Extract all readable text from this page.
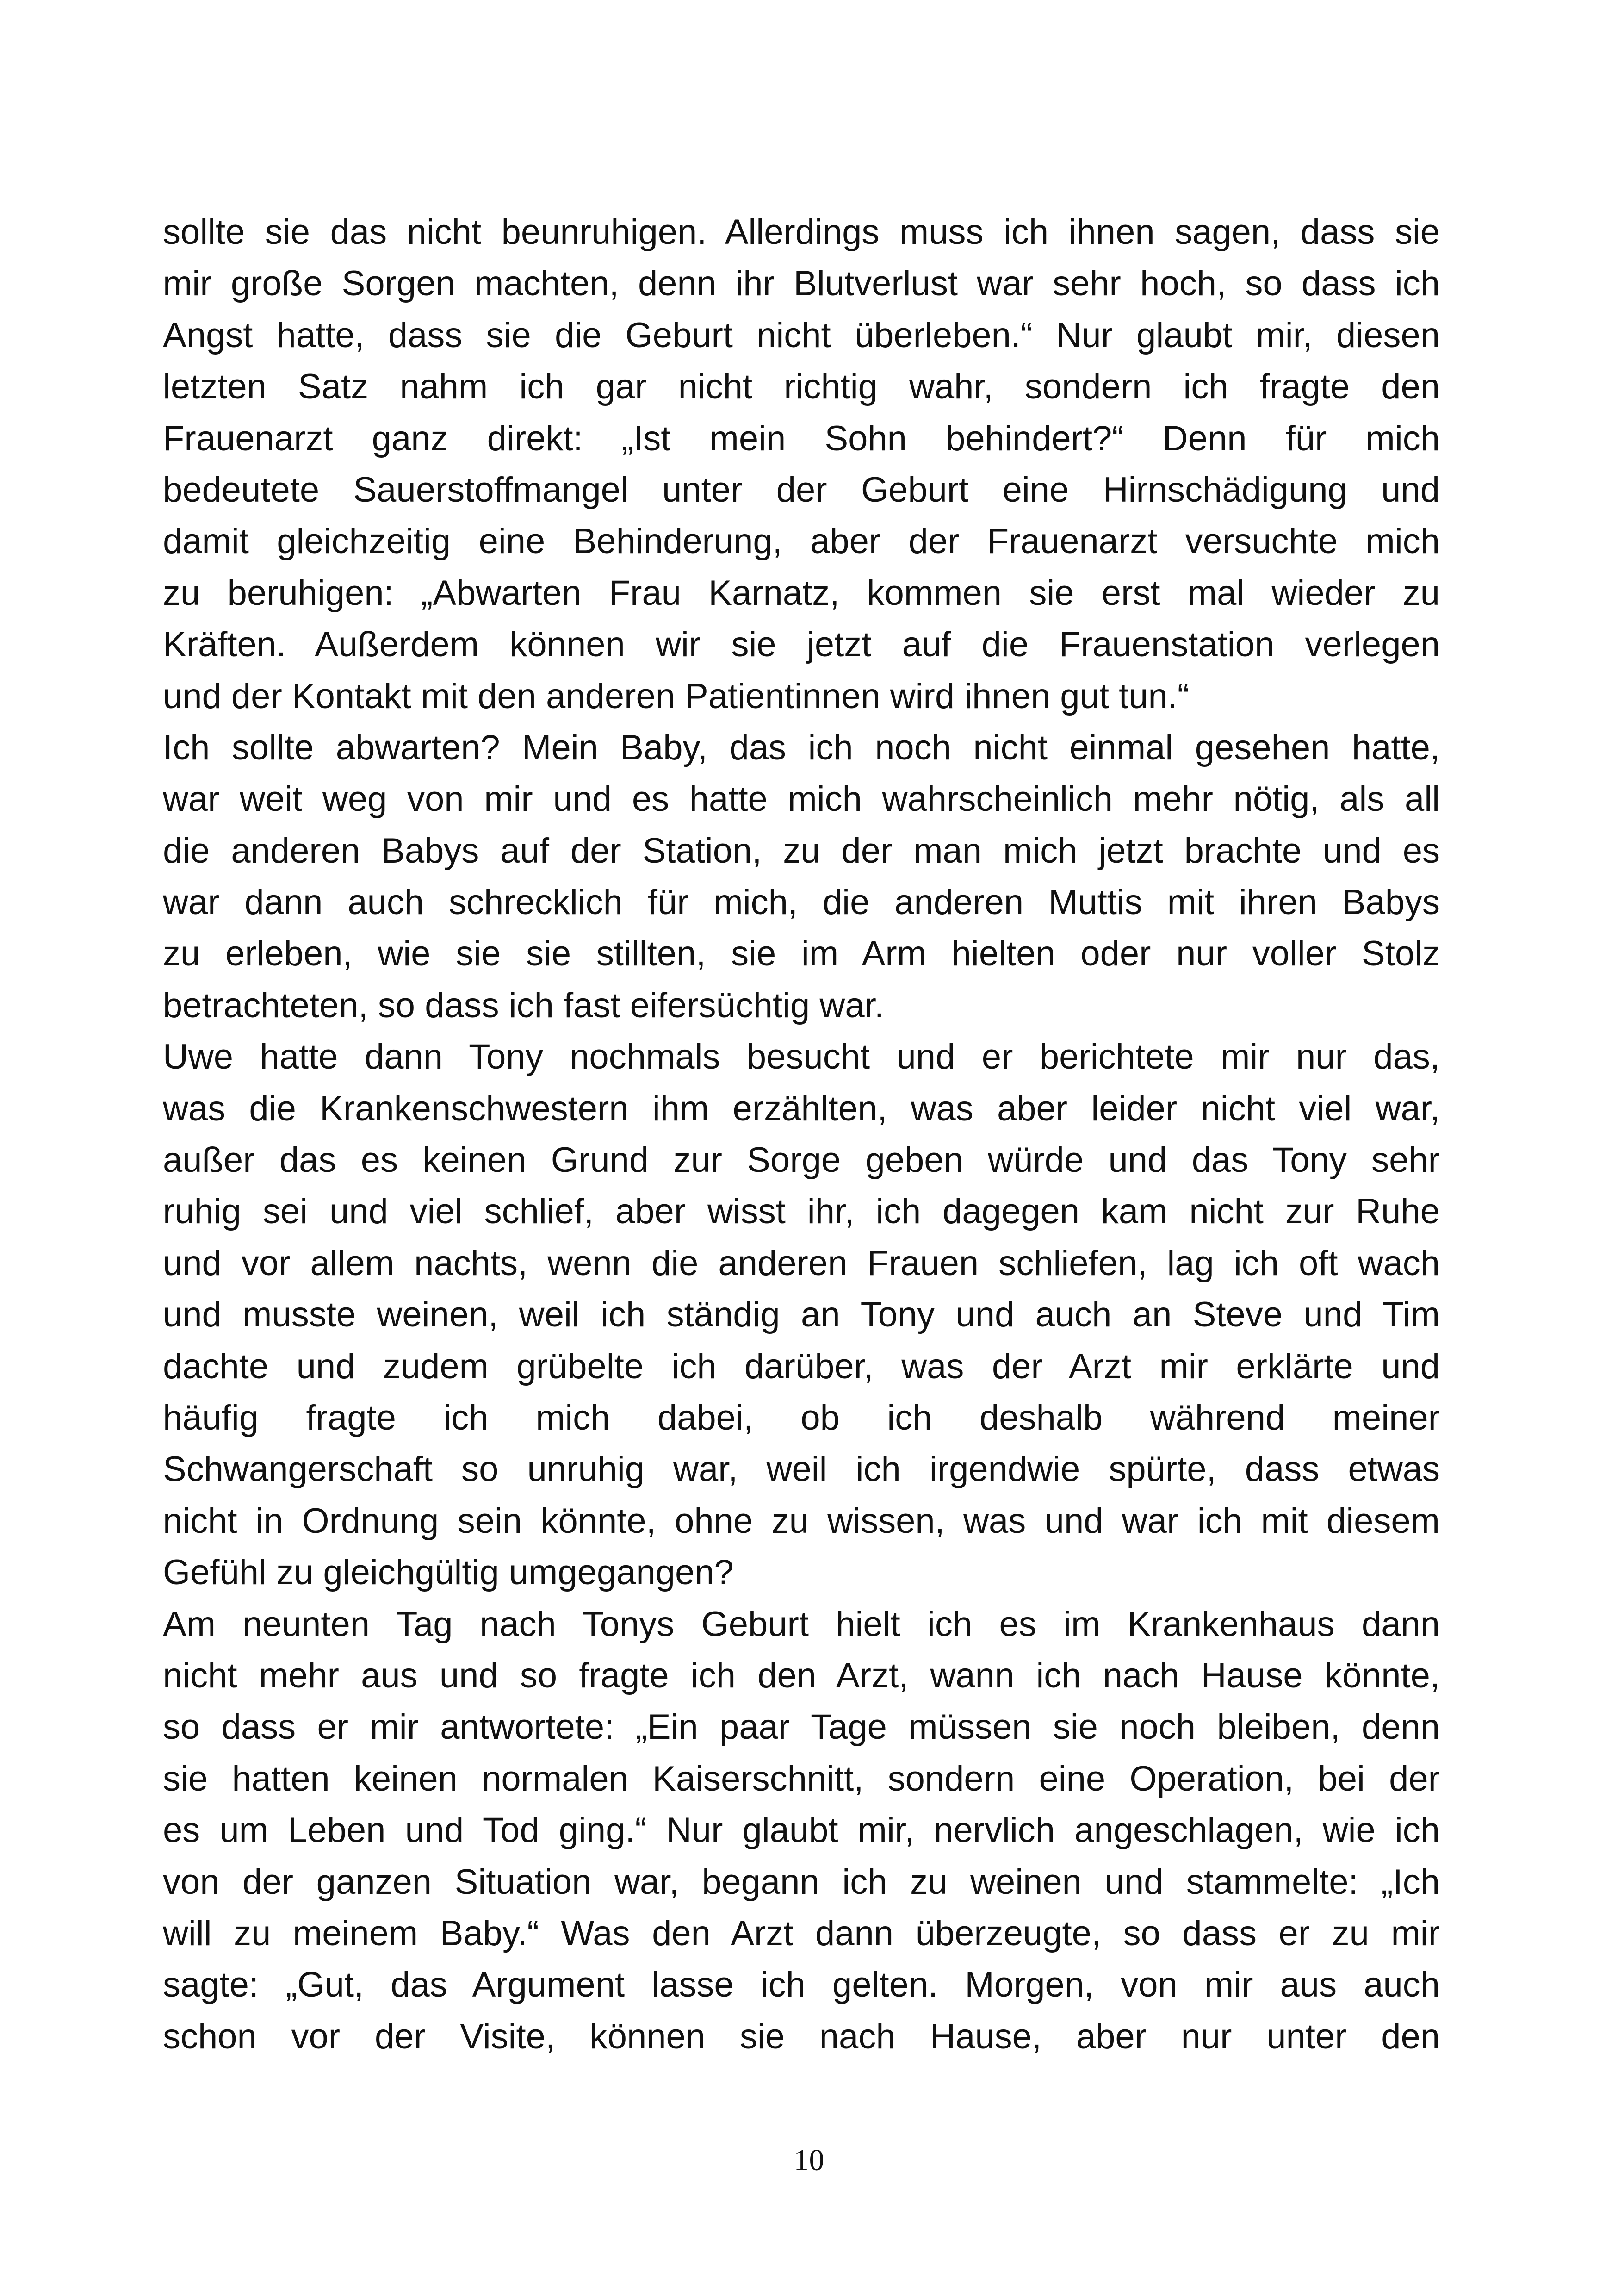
sollte sie das nicht beunruhigen. Allerdings muss ich ihnen sagen, dass sie
mir große Sorgen machten, denn ihr Blutverlust war sehr hoch, so dass ich
Angst hatte, dass sie die Geburt nicht überleben.“ Nur glaubt mir, diesen
letzten Satz nahm ich gar nicht richtig wahr, sondern ich fragte den
Frauenarzt ganz direkt: „Ist mein Sohn behindert?“ Denn für mich
bedeutete Sauerstoffmangel unter der Geburt eine Hirnschädigung und
damit gleichzeitig eine Behinderung, aber der Frauenarzt versuchte mich
zu beruhigen: „Abwarten Frau Karnatz, kommen sie erst mal wieder zu
Kräften. Außerdem können wir sie jetzt auf die Frauenstation verlegen
und der Kontakt mit den anderen Patientinnen wird ihnen gut tun.“
Ich sollte abwarten? Mein Baby, das ich noch nicht einmal gesehen hatte,
war weit weg von mir und es hatte mich wahrscheinlich mehr nötig, als all
die anderen Babys auf der Station, zu der man mich jetzt brachte und es
war dann auch schrecklich für mich, die anderen Muttis mit ihren Babys
zu erleben, wie sie sie stillten, sie im Arm hielten oder nur voller Stolz
betrachteten, so dass ich fast eifersüchtig war.
Uwe hatte dann Tony nochmals besucht und er berichtete mir nur das,
was die Krankenschwestern ihm erzählten, was aber leider nicht viel war,
außer das es keinen Grund zur Sorge geben würde und das Tony sehr
ruhig sei und viel schlief, aber wisst ihr, ich dagegen kam nicht zur Ruhe
und vor allem nachts, wenn die anderen Frauen schliefen, lag ich oft wach
und musste weinen, weil ich ständig an Tony und auch an Steve und Tim
dachte und zudem grübelte ich darüber, was der Arzt mir erklärte und
häufig fragte ich mich dabei, ob ich deshalb während meiner
Schwangerschaft so unruhig war, weil ich irgendwie spürte, dass etwas
nicht in Ordnung sein könnte, ohne zu wissen, was und war ich mit diesem
Gefühl zu gleichgültig umgegangen?
Am neunten Tag nach Tonys Geburt hielt ich es im Krankenhaus dann
nicht mehr aus und so fragte ich den Arzt, wann ich nach Hause könnte,
so dass er mir antwortete: „Ein paar Tage müssen sie noch bleiben, denn
sie hatten keinen normalen Kaiserschnitt, sondern eine Operation, bei der
es um Leben und Tod ging.“ Nur glaubt mir, nervlich angeschlagen, wie ich
von der ganzen Situation war, begann ich zu weinen und stammelte: „Ich
will zu meinem Baby.“ Was den Arzt dann überzeugte, so dass er zu mir
sagte: „Gut, das Argument lasse ich gelten. Morgen, von mir aus auch
schon vor der Visite, können sie nach Hause, aber nur unter den
10
